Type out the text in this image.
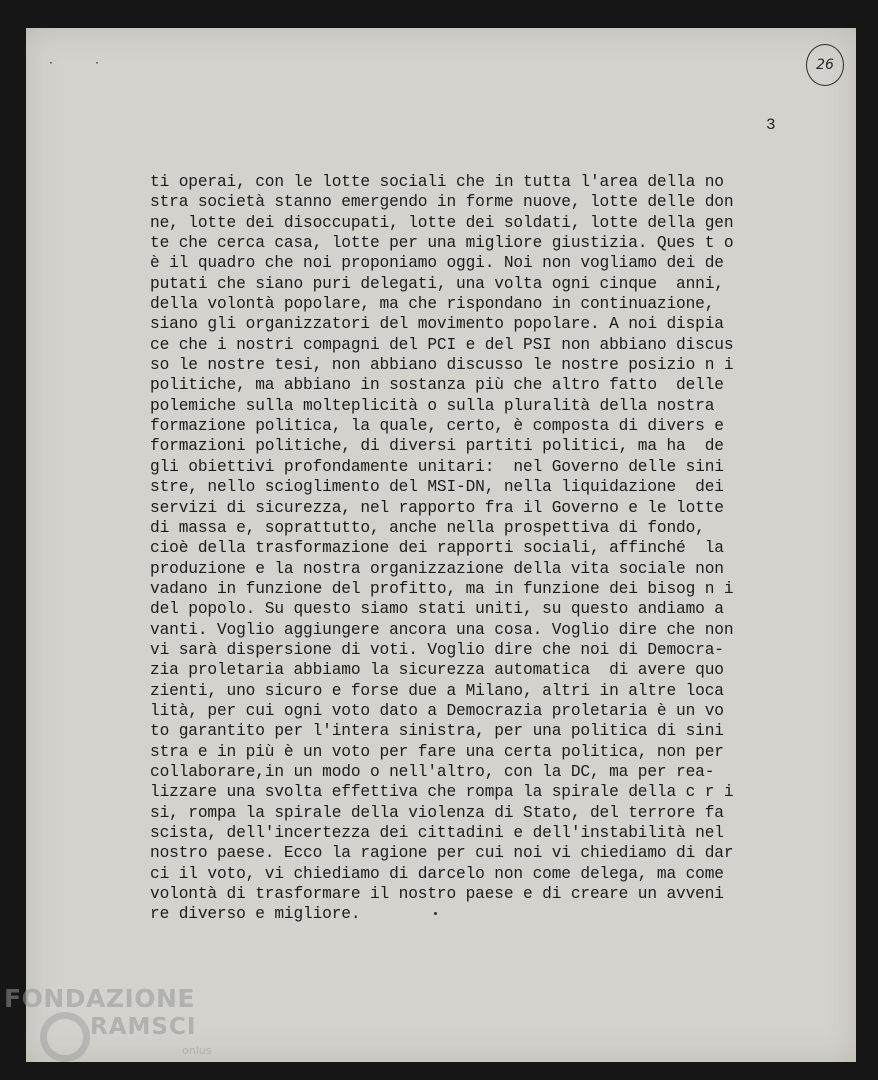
··	26
3
ti operai, con le lotte sociali che in tutta l'area della no
stra società stanno emergendo in forme nuove, lotte delle don
ne, lotte dei disoccupati, lotte dei soldati, lotte della gen
te che cerca casa, lotte per una migliore giustizia. Ques t o
è il quadro che noi proponiamo oggi. Noi non vogliamo dei de
putati che siano puri delegati, una volta ogni cinque  anni,
della volontà popolare, ma che rispondano in continuazione,
siano gli organizzatori del movimento popolare. A noi dispia
ce che i nostri compagni del PCI e del PSI non abbiano discus
so le nostre tesi, non abbiano discusso le nostre posizio n i
politiche, ma abbiano in sostanza più che altro fatto  delle
polemiche sulla molteplicità o sulla pluralità della nostra
formazione politica, la quale, certo, è composta di divers e
formazioni politiche, di diversi partiti politici, ma ha  de
gli obiettivi profondamente unitari:  nel Governo delle sini
stre, nello scioglimento del MSI-DN, nella liquidazione  dei
servizi di sicurezza, nel rapporto fra il Governo e le lotte
di massa e, soprattutto, anche nella prospettiva di fondo,
cioè della trasformazione dei rapporti sociali, affinché  la
produzione e la nostra organizzazione della vita sociale non
vadano in funzione del profitto, ma in funzione dei bisog n i
del popolo. Su questo siamo stati uniti, su questo andiamo a
vanti. Voglio aggiungere ancora una cosa. Voglio dire che non
vi sarà dispersione di voti. Voglio dire che noi di Democra-
zia proletaria abbiamo la sicurezza automatica  di avere quo
zienti, uno sicuro e forse due a Milano, altri in altre loca
lità, per cui ogni voto dato a Democrazia proletaria è un vo
to garantito per l'intera sinistra, per una politica di sini
stra e in più è un voto per fare una certa politica, non per
collaborare,in un modo o nell'altro, con la DC, ma per rea-
lizzare una svolta effettiva che rompa la spirale della c r i
si, rompa la spirale della violenza di Stato, del terrore fa
scista, dell'incertezza dei cittadini e dell'instabilità nel
nostro paese. Ecco la ragione per cui noi vi chiediamo di dar
ci il voto, vi chiediamo di darcelo non come delega, ma come
volontà di trasformare il nostro paese e di creare un avveni
re diverso e migliore.
FONDAZIONE
RAMSCI
onlus
